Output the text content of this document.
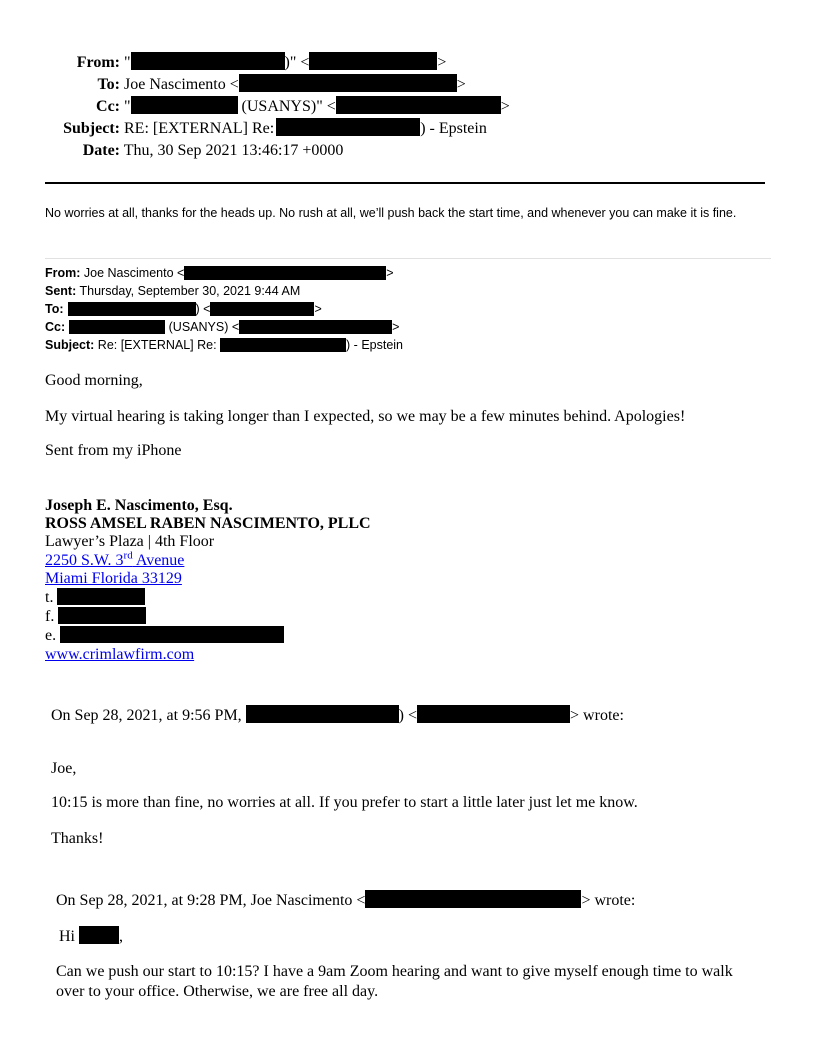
From: "	)" <	>
To: Joe Nascimento <	>
Cc: "	(USANYS)" <	>
Subject: RE: [EXTERNAL] Re:	) - Epstein
Date: Thu, 30 Sep 2021 13:46:17 +0000
No worries at all, thanks for the heads up. No rush at all, we’ll push back the start time, and whenever you can make it is fine.
From: Joe Nascimento <	>
Sent: Thursday, September 30, 2021 9:44 AM
To:	) <	>
Cc:	(USANYS) <	>
Subject: Re: [EXTERNAL] Re:	) - Epstein
Good morning,
My virtual hearing is taking longer than I expected, so we may be a few minutes behind. Apologies!
Sent from my iPhone
Joseph E. Nascimento, Esq.
ROSS AMSEL RABEN NASCIMENTO, PLLC
Lawyer’s Plaza | 4th Floor
2250 S.W. 3rd Avenue
Miami Florida 33129
t.
f.
e.
www.crimlawfirm.com
On Sep 28, 2021, at 9:56 PM,	) <	> wrote:
Joe,
10:15 is more than fine, no worries at all. If you prefer to start a little later just let me know.
Thanks!
On Sep 28, 2021, at 9:28 PM, Joe Nascimento <	> wrote:
Hi	,
Can we push our start to 10:15? I have a 9am Zoom hearing and want to give myself enough time to walk
over to your office. Otherwise, we are free all day.
